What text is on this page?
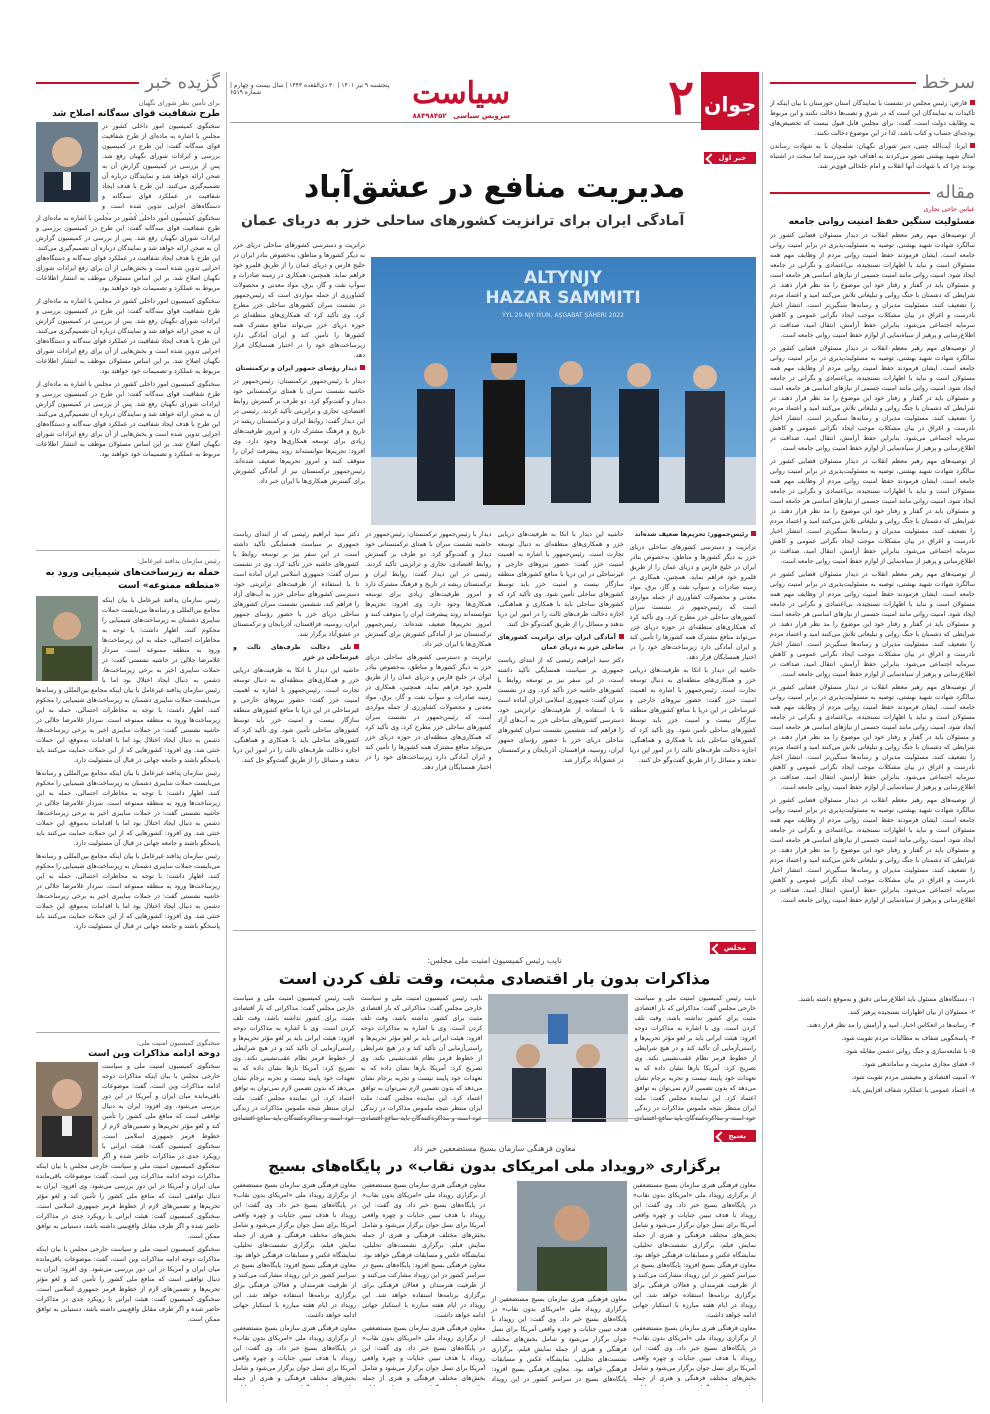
جوان
۲
سیاست
پنجشنبه ۹ تیر ۱۴۰۱ | ۳۰ ذی‌القعده ۱۴۴۳ | سال بیست و چهارم | شماره ۶۵۱۹
سرویس سیاسی ۸۸۴۹۸۴۵۲
سرخط

قارص: رئیس مجلس در نشست با نمایندگان استان خوزستان با بیان اینکه از تأکیدات به نمایندگان این است که در شرق و نصب‌ها دخالت نکنند و این مربوط به وظایف دولت است، گفت: برای مجلس قابل قبول نیست که تخصیص‌های بودجه‌ای حساب و کتاب باشد، لذا در این موضوع دخالت نکنند.

ایرنا: آیت‌الله جنتی، دبیر شورای نگهبان: شلمچان با به شهادت رساندن امثال شهید بهشتی تصور می‌کردند به اهداف خود می‌رسند اما سخت در اشتباه بودند چرا که با شهادت آنها انقلاب و امام خلخالی قوی‌تر شد.

مقاله
عباس حاجی نجاری
مسئولیت سنگین حفظ امنیت روانی جامعه

از توصیه‌های مهم رهبر معظم انقلاب در دیدار مسئولان قضایی کشور در سالگرد شهادت شهید بهشتی، توصیه به مسئولیت‌پذیری در برابر امنیت روانی جامعه است. ایشان فرمودند حفظ امنیت روانی مردم از وظایف مهم همه مسئولان است و نباید با اظهارات نسنجیده، بی‌اعتمادی و نگرانی در جامعه ایجاد شود. امنیت روانی مانند امنیت جسمی از نیازهای اساسی هر جامعه است و مسئولان باید در گفتار و رفتار خود این موضوع را مد نظر قرار دهند. در شرایطی که دشمنان با جنگ روانی و تبلیغاتی تلاش می‌کنند امید و اعتماد مردم را تضعیف کنند، مسئولیت مدیران و رسانه‌ها سنگین‌تر است. انتشار اخبار نادرست و اغراق در بیان مشکلات موجب ایجاد نگرانی عمومی و کاهش سرمایه اجتماعی می‌شود. بنابراین حفظ آرامش، انتقال امید، صداقت در اطلاع‌رسانی و پرهیز از سیاه‌نمایی از لوازم حفظ امنیت روانی جامعه است.

از توصیه‌های مهم رهبر معظم انقلاب در دیدار مسئولان قضایی کشور در سالگرد شهادت شهید بهشتی، توصیه به مسئولیت‌پذیری در برابر امنیت روانی جامعه است. ایشان فرمودند حفظ امنیت روانی مردم از وظایف مهم همه مسئولان است و نباید با اظهارات نسنجیده، بی‌اعتمادی و نگرانی در جامعه ایجاد شود. امنیت روانی مانند امنیت جسمی از نیازهای اساسی هر جامعه است و مسئولان باید در گفتار و رفتار خود این موضوع را مد نظر قرار دهند. در شرایطی که دشمنان با جنگ روانی و تبلیغاتی تلاش می‌کنند امید و اعتماد مردم را تضعیف کنند، مسئولیت مدیران و رسانه‌ها سنگین‌تر است. انتشار اخبار نادرست و اغراق در بیان مشکلات موجب ایجاد نگرانی عمومی و کاهش سرمایه اجتماعی می‌شود. بنابراین حفظ آرامش، انتقال امید، صداقت در اطلاع‌رسانی و پرهیز از سیاه‌نمایی از لوازم حفظ امنیت روانی جامعه است.

از توصیه‌های مهم رهبر معظم انقلاب در دیدار مسئولان قضایی کشور در سالگرد شهادت شهید بهشتی، توصیه به مسئولیت‌پذیری در برابر امنیت روانی جامعه است. ایشان فرمودند حفظ امنیت روانی مردم از وظایف مهم همه مسئولان است و نباید با اظهارات نسنجیده، بی‌اعتمادی و نگرانی در جامعه ایجاد شود. امنیت روانی مانند امنیت جسمی از نیازهای اساسی هر جامعه است و مسئولان باید در گفتار و رفتار خود این موضوع را مد نظر قرار دهند. در شرایطی که دشمنان با جنگ روانی و تبلیغاتی تلاش می‌کنند امید و اعتماد مردم را تضعیف کنند، مسئولیت مدیران و رسانه‌ها سنگین‌تر است. انتشار اخبار نادرست و اغراق در بیان مشکلات موجب ایجاد نگرانی عمومی و کاهش سرمایه اجتماعی می‌شود. بنابراین حفظ آرامش، انتقال امید، صداقت در اطلاع‌رسانی و پرهیز از سیاه‌نمایی از لوازم حفظ امنیت روانی جامعه است.

از توصیه‌های مهم رهبر معظم انقلاب در دیدار مسئولان قضایی کشور در سالگرد شهادت شهید بهشتی، توصیه به مسئولیت‌پذیری در برابر امنیت روانی جامعه است. ایشان فرمودند حفظ امنیت روانی مردم از وظایف مهم همه مسئولان است و نباید با اظهارات نسنجیده، بی‌اعتمادی و نگرانی در جامعه ایجاد شود. امنیت روانی مانند امنیت جسمی از نیازهای اساسی هر جامعه است و مسئولان باید در گفتار و رفتار خود این موضوع را مد نظر قرار دهند. در شرایطی که دشمنان با جنگ روانی و تبلیغاتی تلاش می‌کنند امید و اعتماد مردم را تضعیف کنند، مسئولیت مدیران و رسانه‌ها سنگین‌تر است. انتشار اخبار نادرست و اغراق در بیان مشکلات موجب ایجاد نگرانی عمومی و کاهش سرمایه اجتماعی می‌شود. بنابراین حفظ آرامش، انتقال امید، صداقت در اطلاع‌رسانی و پرهیز از سیاه‌نمایی از لوازم حفظ امنیت روانی جامعه است.

از توصیه‌های مهم رهبر معظم انقلاب در دیدار مسئولان قضایی کشور در سالگرد شهادت شهید بهشتی، توصیه به مسئولیت‌پذیری در برابر امنیت روانی جامعه است. ایشان فرمودند حفظ امنیت روانی مردم از وظایف مهم همه مسئولان است و نباید با اظهارات نسنجیده، بی‌اعتمادی و نگرانی در جامعه ایجاد شود. امنیت روانی مانند امنیت جسمی از نیازهای اساسی هر جامعه است و مسئولان باید در گفتار و رفتار خود این موضوع را مد نظر قرار دهند. در شرایطی که دشمنان با جنگ روانی و تبلیغاتی تلاش می‌کنند امید و اعتماد مردم را تضعیف کنند، مسئولیت مدیران و رسانه‌ها سنگین‌تر است. انتشار اخبار نادرست و اغراق در بیان مشکلات موجب ایجاد نگرانی عمومی و کاهش سرمایه اجتماعی می‌شود. بنابراین حفظ آرامش، انتقال امید، صداقت در اطلاع‌رسانی و پرهیز از سیاه‌نمایی از لوازم حفظ امنیت روانی جامعه است.

از توصیه‌های مهم رهبر معظم انقلاب در دیدار مسئولان قضایی کشور در سالگرد شهادت شهید بهشتی، توصیه به مسئولیت‌پذیری در برابر امنیت روانی جامعه است. ایشان فرمودند حفظ امنیت روانی مردم از وظایف مهم همه مسئولان است و نباید با اظهارات نسنجیده، بی‌اعتمادی و نگرانی در جامعه ایجاد شود. امنیت روانی مانند امنیت جسمی از نیازهای اساسی هر جامعه است و مسئولان باید در گفتار و رفتار خود این موضوع را مد نظر قرار دهند. در شرایطی که دشمنان با جنگ روانی و تبلیغاتی تلاش می‌کنند امید و اعتماد مردم را تضعیف کنند، مسئولیت مدیران و رسانه‌ها سنگین‌تر است. انتشار اخبار نادرست و اغراق در بیان مشکلات موجب ایجاد نگرانی عمومی و کاهش سرمایه اجتماعی می‌شود. بنابراین حفظ آرامش، انتقال امید، صداقت در اطلاع‌رسانی و پرهیز از سیاه‌نمایی از لوازم حفظ امنیت روانی جامعه است.

۱- دستگاه‌های مسئول باید اطلاع‌رسانی دقیق و به‌موقع داشته باشند.

۲- مسئولان از بیان اظهارات نسنجیده پرهیز کنند.

۳- رسانه‌ها در انعکاس اخبار، امید و آرامش را مد نظر قرار دهند.

۴- پاسخگویی شفاف به مطالبات مردم تقویت شود.

۵- با شایعه‌سازی و جنگ روانی دشمن مقابله شود.

۶- فضای مجازی مدیریت و ساماندهی شود.

۷- امنیت اقتصادی و معیشتی مردم تقویت شود.

۸- اعتماد عمومی با عملکرد شفاف افزایش یابد.

گزیده خبر
برای تأمین نظر شورای نگهبان
طرح شفافیت قوای سه‌گانه اصلاح شد

سخنگوی کمیسیون امور داخلی کشور در مجلس با اشاره به ماده‌ای از طرح شفافیت قوای سه‌گانه گفت: این طرح در کمیسیون بررسی و ایرادات شورای نگهبان رفع شد. پس از بررسی در کمیسیون گزارش آن به صحن ارائه خواهد شد و نمایندگان درباره آن تصمیم‌گیری می‌کنند. این طرح با هدف ایجاد شفافیت در عملکرد قوای سه‌گانه و دستگاه‌های اجرایی تدوین شده است و

سخنگوی کمیسیون امور داخلی کشور در مجلس با اشاره به ماده‌ای از طرح شفافیت قوای سه‌گانه گفت: این طرح در کمیسیون بررسی و ایرادات شورای نگهبان رفع شد. پس از بررسی در کمیسیون گزارش آن به صحن ارائه خواهد شد و نمایندگان درباره آن تصمیم‌گیری می‌کنند. این طرح با هدف ایجاد شفافیت در عملکرد قوای سه‌گانه و دستگاه‌های اجرایی تدوین شده است و بخش‌هایی از آن برای رفع ایرادات شورای نگهبان اصلاح شد. بر این اساس مسئولان موظف به انتشار اطلاعات مربوط به عملکرد و تصمیمات خود خواهند بود.

سخنگوی کمیسیون امور داخلی کشور در مجلس با اشاره به ماده‌ای از طرح شفافیت قوای سه‌گانه گفت: این طرح در کمیسیون بررسی و ایرادات شورای نگهبان رفع شد. پس از بررسی در کمیسیون گزارش آن به صحن ارائه خواهد شد و نمایندگان درباره آن تصمیم‌گیری می‌کنند. این طرح با هدف ایجاد شفافیت در عملکرد قوای سه‌گانه و دستگاه‌های اجرایی تدوین شده است و بخش‌هایی از آن برای رفع ایرادات شورای نگهبان اصلاح شد. بر این اساس مسئولان موظف به انتشار اطلاعات مربوط به عملکرد و تصمیمات خود خواهند بود.

سخنگوی کمیسیون امور داخلی کشور در مجلس با اشاره به ماده‌ای از طرح شفافیت قوای سه‌گانه گفت: این طرح در کمیسیون بررسی و ایرادات شورای نگهبان رفع شد. پس از بررسی در کمیسیون گزارش آن به صحن ارائه خواهد شد و نمایندگان درباره آن تصمیم‌گیری می‌کنند. این طرح با هدف ایجاد شفافیت در عملکرد قوای سه‌گانه و دستگاه‌های اجرایی تدوین شده است و بخش‌هایی از آن برای رفع ایرادات شورای نگهبان اصلاح شد. بر این اساس مسئولان موظف به انتشار اطلاعات مربوط به عملکرد و تصمیمات خود خواهند بود.

رئیس سازمان پدافند غیرعامل:
حمله به زیرساخت‌های شیمیایی ورود به «منطقه ممنوعه» است

رئیس سازمان پدافند غیرعامل با بیان اینکه مجامع بین‌المللی و رسانه‌ها می‌بایست حملات سایبری دشمنان به زیرساخت‌های شیمیایی را محکوم کنند، اظهار داشت: با توجه به مخاطرات احتمالی، حمله به این زیرساخت‌ها ورود به منطقه ممنوعه است. سردار غلامرضا جلالی در حاشیه نشستی گفت: در حملات سایبری اخیر به برخی زیرساخت‌ها، دشمن به دنبال ایجاد اختلال بود اما با

رئیس سازمان پدافند غیرعامل با بیان اینکه مجامع بین‌المللی و رسانه‌ها می‌بایست حملات سایبری دشمنان به زیرساخت‌های شیمیایی را محکوم کنند، اظهار داشت: با توجه به مخاطرات احتمالی، حمله به این زیرساخت‌ها ورود به منطقه ممنوعه است. سردار غلامرضا جلالی در حاشیه نشستی گفت: در حملات سایبری اخیر به برخی زیرساخت‌ها، دشمن به دنبال ایجاد اختلال بود اما با اقدامات به‌موقع، این حملات خنثی شد. وی افزود: کشورهایی که از این حملات حمایت می‌کنند باید پاسخگو باشند و جامعه جهانی در قبال آن مسئولیت دارد.

رئیس سازمان پدافند غیرعامل با بیان اینکه مجامع بین‌المللی و رسانه‌ها می‌بایست حملات سایبری دشمنان به زیرساخت‌های شیمیایی را محکوم کنند، اظهار داشت: با توجه به مخاطرات احتمالی، حمله به این زیرساخت‌ها ورود به منطقه ممنوعه است. سردار غلامرضا جلالی در حاشیه نشستی گفت: در حملات سایبری اخیر به برخی زیرساخت‌ها، دشمن به دنبال ایجاد اختلال بود اما با اقدامات به‌موقع، این حملات خنثی شد. وی افزود: کشورهایی که از این حملات حمایت می‌کنند باید پاسخگو باشند و جامعه جهانی در قبال آن مسئولیت دارد.

رئیس سازمان پدافند غیرعامل با بیان اینکه مجامع بین‌المللی و رسانه‌ها می‌بایست حملات سایبری دشمنان به زیرساخت‌های شیمیایی را محکوم کنند، اظهار داشت: با توجه به مخاطرات احتمالی، حمله به این زیرساخت‌ها ورود به منطقه ممنوعه است. سردار غلامرضا جلالی در حاشیه نشستی گفت: در حملات سایبری اخیر به برخی زیرساخت‌ها، دشمن به دنبال ایجاد اختلال بود اما با اقدامات به‌موقع، این حملات خنثی شد. وی افزود: کشورهایی که از این حملات حمایت می‌کنند باید پاسخگو باشند و جامعه جهانی در قبال آن مسئولیت دارد.

سخنگوی کمیسیون امنیت ملی:
دوحه ادامه مذاکرات وین است

سخنگوی کمیسیون امنیت ملی و سیاست خارجی مجلس با بیان اینکه مذاکرات دوحه ادامه مذاکرات وین است، گفت: موضوعات باقی‌مانده میان ایران و آمریکا در این دور بررسی می‌شود. وی افزود: ایران به دنبال توافقی است که منافع ملی کشور را تأمین کند و لغو مؤثر تحریم‌ها و تضمین‌های لازم از خطوط قرمز جمهوری اسلامی است. سخنگوی کمیسیون گفت: هیئت ایرانی با رویکرد جدی در مذاکرات حاضر شده و اگر

سخنگوی کمیسیون امنیت ملی و سیاست خارجی مجلس با بیان اینکه مذاکرات دوحه ادامه مذاکرات وین است، گفت: موضوعات باقی‌مانده میان ایران و آمریکا در این دور بررسی می‌شود. وی افزود: ایران به دنبال توافقی است که منافع ملی کشور را تأمین کند و لغو مؤثر تحریم‌ها و تضمین‌های لازم از خطوط قرمز جمهوری اسلامی است. سخنگوی کمیسیون گفت: هیئت ایرانی با رویکرد جدی در مذاکرات حاضر شده و اگر طرف مقابل واقع‌بینی داشته باشد، دستیابی به توافق ممکن است.

سخنگوی کمیسیون امنیت ملی و سیاست خارجی مجلس با بیان اینکه مذاکرات دوحه ادامه مذاکرات وین است، گفت: موضوعات باقی‌مانده میان ایران و آمریکا در این دور بررسی می‌شود. وی افزود: ایران به دنبال توافقی است که منافع ملی کشور را تأمین کند و لغو مؤثر تحریم‌ها و تضمین‌های لازم از خطوط قرمز جمهوری اسلامی است. سخنگوی کمیسیون گفت: هیئت ایرانی با رویکرد جدی در مذاکرات حاضر شده و اگر طرف مقابل واقع‌بینی داشته باشد، دستیابی به توافق ممکن است.

خبر اول
مدیریت منافع در عشق‌آباد
آمادگی ایران برای ترانزیت کشورهای ساحلی خزر به دریای عمان

ترانزیت و دسترسی کشورهای ساحلی دریای خزر به دیگر کشورها و مناطق، به‌خصوص بنادر ایران در خلیج فارس و دریای عمان را از طریق قلمرو خود فراهم نماید. همچنین، همکاری در زمینه صادرات و سوآپ نفت و گاز، برق، مواد معدنی و محصولات کشاورزی از جمله مواردی است که رئیس‌جمهور در نشست سران کشورهای ساحلی خزر مطرح کرد. وی تأکید کرد که همکاری‌های منطقه‌ای در حوزه دریای خزر می‌تواند منافع مشترک همه کشورها را تأمین کند و ایران آمادگی دارد زیرساخت‌های خود را در اختیار همسایگان قرار دهد.

دیدار رؤسای جمهور ایران و ترکمنستان

دیدار با رئیس‌جمهور ترکمنستان: رئیس‌جمهور در حاشیه نشست سران با همتای ترکمنستانی خود دیدار و گفت‌وگو کرد. دو طرف بر گسترش روابط اقتصادی، تجاری و ترانزیتی تأکید کردند. رئیسی در این دیدار گفت: روابط ایران و ترکمنستان ریشه در تاریخ و فرهنگ مشترک دارد و امروز ظرفیت‌های زیادی برای توسعه همکاری‌ها وجود دارد. وی افزود: تحریم‌ها نتوانسته‌اند روند پیشرفت ایران را متوقف کنند و امروز تحریم‌ها ضعیف شده‌اند. رئیس‌جمهور ترکمنستان نیز از آمادگی کشورش برای گسترش همکاری‌ها با ایران خبر داد.

ALTYNJY
HAZAR SAMMITI
2022 ÝYL 29-NJY IÝUN, AŞGABAT ŞÄHERI

دکتر سید ابراهیم رئیسی که از ابتدای ریاست جمهوری بر سیاست همسایگی تأکید داشته است، در این سفر نیز بر توسعه روابط با کشورهای حاشیه خزر تأکید کرد. وی در نشست سران گفت: جمهوری اسلامی ایران آماده است تا با استفاده از ظرفیت‌های ترانزیتی خود، دسترسی کشورهای ساحلی خزر به آب‌های آزاد را فراهم کند. ششمین نشست سران کشورهای ساحلی دریای خزر با حضور رؤسای جمهور ایران، روسیه، قزاقستان، آذربایجان و ترکمنستان در عشق‌آباد برگزار شد.

تلی دخالت طرف‌های ثالث و غیرساحلی در خزر

حاشیه این دیدار با اتکا به ظرفیت‌های دریایی خزر و همکاری‌های منطقه‌ای به دنبال توسعه تجارت است. رئیس‌جمهور با اشاره به اهمیت امنیت خزر گفت: حضور نیروهای خارجی و غیرساحلی در این دریا با منافع کشورهای منطقه سازگار نیست و امنیت خزر باید توسط کشورهای ساحلی تأمین شود. وی تأکید کرد که کشورهای ساحلی باید با همکاری و هماهنگی، اجازه دخالت طرف‌های ثالث را در امور این دریا ندهند و مسائل را از طریق گفت‌وگو حل کنند.

دیدار با رئیس‌جمهور ترکمنستان: رئیس‌جمهور در حاشیه نشست سران با همتای ترکمنستانی خود دیدار و گفت‌وگو کرد. دو طرف بر گسترش روابط اقتصادی، تجاری و ترانزیتی تأکید کردند. رئیسی در این دیدار گفت: روابط ایران و ترکمنستان ریشه در تاریخ و فرهنگ مشترک دارد و امروز ظرفیت‌های زیادی برای توسعه همکاری‌ها وجود دارد. وی افزود: تحریم‌ها نتوانسته‌اند روند پیشرفت ایران را متوقف کنند و امروز تحریم‌ها ضعیف شده‌اند. رئیس‌جمهور ترکمنستان نیز از آمادگی کشورش برای گسترش همکاری‌ها با ایران خبر داد.

ترانزیت و دسترسی کشورهای ساحلی دریای خزر به دیگر کشورها و مناطق، به‌خصوص بنادر ایران در خلیج فارس و دریای عمان را از طریق قلمرو خود فراهم نماید. همچنین، همکاری در زمینه صادرات و سوآپ نفت و گاز، برق، مواد معدنی و محصولات کشاورزی از جمله مواردی است که رئیس‌جمهور در نشست سران کشورهای ساحلی خزر مطرح کرد. وی تأکید کرد که همکاری‌های منطقه‌ای در حوزه دریای خزر می‌تواند منافع مشترک همه کشورها را تأمین کند و ایران آمادگی دارد زیرساخت‌های خود را در اختیار همسایگان قرار دهد.

حاشیه این دیدار با اتکا به ظرفیت‌های دریایی خزر و همکاری‌های منطقه‌ای به دنبال توسعه تجارت است. رئیس‌جمهور با اشاره به اهمیت امنیت خزر گفت: حضور نیروهای خارجی و غیرساحلی در این دریا با منافع کشورهای منطقه سازگار نیست و امنیت خزر باید توسط کشورهای ساحلی تأمین شود. وی تأکید کرد که کشورهای ساحلی باید با همکاری و هماهنگی، اجازه دخالت طرف‌های ثالث را در امور این دریا ندهند و مسائل را از طریق گفت‌وگو حل کنند.

آمادگی ایران برای ترانزیت کشورهای ساحلی خزر به دریای عمان

دکتر سید ابراهیم رئیسی که از ابتدای ریاست جمهوری بر سیاست همسایگی تأکید داشته است، در این سفر نیز بر توسعه روابط با کشورهای حاشیه خزر تأکید کرد. وی در نشست سران گفت: جمهوری اسلامی ایران آماده است تا با استفاده از ظرفیت‌های ترانزیتی خود، دسترسی کشورهای ساحلی خزر به آب‌های آزاد را فراهم کند. ششمین نشست سران کشورهای ساحلی دریای خزر با حضور رؤسای جمهور ایران، روسیه، قزاقستان، آذربایجان و ترکمنستان در عشق‌آباد برگزار شد.

رئیس‌جمهور: تحریم‌ها ضعیف شده‌اند

ترانزیت و دسترسی کشورهای ساحلی دریای خزر به دیگر کشورها و مناطق، به‌خصوص بنادر ایران در خلیج فارس و دریای عمان را از طریق قلمرو خود فراهم نماید. همچنین، همکاری در زمینه صادرات و سوآپ نفت و گاز، برق، مواد معدنی و محصولات کشاورزی از جمله مواردی است که رئیس‌جمهور در نشست سران کشورهای ساحلی خزر مطرح کرد. وی تأکید کرد که همکاری‌های منطقه‌ای در حوزه دریای خزر می‌تواند منافع مشترک همه کشورها را تأمین کند و ایران آمادگی دارد زیرساخت‌های خود را در اختیار همسایگان قرار دهد.

حاشیه این دیدار با اتکا به ظرفیت‌های دریایی خزر و همکاری‌های منطقه‌ای به دنبال توسعه تجارت است. رئیس‌جمهور با اشاره به اهمیت امنیت خزر گفت: حضور نیروهای خارجی و غیرساحلی در این دریا با منافع کشورهای منطقه سازگار نیست و امنیت خزر باید توسط کشورهای ساحلی تأمین شود. وی تأکید کرد که کشورهای ساحلی باید با همکاری و هماهنگی، اجازه دخالت طرف‌های ثالث را در امور این دریا ندهند و مسائل را از طریق گفت‌وگو حل کنند.

مجلس
نایب رئیس کمیسیون امنیت ملی مجلس:
مذاکرات بدون بار اقتصادی مثبت، وقت تلف کردن است

نایب رئیس کمیسیون امنیت ملی و سیاست خارجی مجلس گفت: مذاکراتی که بار اقتصادی مثبت برای کشور نداشته باشد، وقت تلف کردن است. وی با اشاره به مذاکرات دوحه افزود: هیئت ایرانی باید بر لغو مؤثر تحریم‌ها و راستی‌آزمایی آن تأکید کند و در هیچ شرایطی از خطوط قرمز نظام عقب‌نشینی نکند. وی تصریح کرد: آمریکا بارها نشان داده که به تعهدات خود پایبند نیست و تجربه برجام نشان می‌دهد که بدون تضمین لازم نمی‌توان به توافق اعتماد کرد. این نماینده مجلس گفت: ملت ایران منتظر نتیجه ملموس مذاکرات در زندگی

نایب رئیس کمیسیون امنیت ملی و سیاست خارجی مجلس گفت: مذاکراتی که بار اقتصادی مثبت برای کشور نداشته باشد، وقت تلف کردن است. وی با اشاره به مذاکرات دوحه افزود: هیئت ایرانی باید بر لغو مؤثر تحریم‌ها و راستی‌آزمایی آن تأکید کند و در هیچ شرایطی از خطوط قرمز نظام عقب‌نشینی نکند. وی تصریح کرد: آمریکا بارها نشان داده که به تعهدات خود پایبند نیست و تجربه برجام نشان می‌دهد که بدون تضمین لازم نمی‌توان به توافق اعتماد کرد. این نماینده مجلس گفت: ملت ایران منتظر نتیجه ملموس مذاکرات در زندگی

نایب رئیس کمیسیون امنیت ملی و سیاست خارجی مجلس گفت: مذاکراتی که بار اقتصادی مثبت برای کشور نداشته باشد، وقت تلف کردن است. وی با اشاره به مذاکرات دوحه افزود: هیئت ایرانی باید بر لغو مؤثر تحریم‌ها و راستی‌آزمایی آن تأکید کند و در هیچ شرایطی از خطوط قرمز نظام عقب‌نشینی نکند. وی تصریح کرد: آمریکا بارها نشان داده که به تعهدات خود پایبند نیست و تجربه برجام نشان می‌دهد که بدون تضمین لازم نمی‌توان به توافق اعتماد کرد. این نماینده مجلس گفت: ملت ایران منتظر نتیجه ملموس مذاکرات در زندگی

بسیج
معاون فرهنگی سازمان بسیج مستضعفین خبر داد
برگزاری «رویداد ملی امریکای بدون نقاب» در پایگاه‌های بسیج

معاون فرهنگی هنری سازمان بسیج مستضعفین از برگزاری رویداد ملی «امریکای بدون نقاب» در پایگاه‌های بسیج خبر داد. وی گفت: این رویداد با هدف تبیین جنایات و چهره واقعی آمریکا برای نسل جوان برگزار می‌شود و شامل بخش‌های مختلف فرهنگی و هنری از جمله نمایش فیلم، برگزاری نشست‌های تحلیلی، نمایشگاه عکس و مسابقات فرهنگی خواهد بود. معاون فرهنگی بسیج افزود: پایگاه‌های بسیج در سراسر کشور در این رویداد مشارکت می‌کنند و از ظرفیت هنرمندان و فعالان فرهنگی برای برگزاری برنامه‌ها استفاده خواهد شد. این رویداد در ایام هفته مبارزه با استکبار جهانی ادامه خواهد داشت.

معاون فرهنگی هنری سازمان بسیج مستضعفین از برگزاری رویداد ملی «امریکای بدون نقاب» در پایگاه‌های بسیج خبر داد. وی گفت: این رویداد با هدف تبیین جنایات و چهره واقعی آمریکا برای نسل جوان برگزار می‌شود و شامل بخش‌های مختلف فرهنگی و هنری از جمله

معاون فرهنگی هنری سازمان بسیج مستضعفین از برگزاری رویداد ملی «امریکای بدون نقاب» در پایگاه‌های بسیج خبر داد. وی گفت: این رویداد با هدف تبیین جنایات و چهره واقعی آمریکا برای نسل جوان برگزار می‌شود و شامل بخش‌های مختلف فرهنگی و هنری از جمله نمایش فیلم، برگزاری نشست‌های تحلیلی، نمایشگاه عکس و مسابقات فرهنگی خواهد بود. معاون فرهنگی بسیج افزود: پایگاه‌های بسیج در سراسر کشور در این رویداد مشارکت می‌کنند و از ظرفیت هنرمندان و فعالان فرهنگی برای برگزاری برنامه‌ها استفاده خواهد شد. این رویداد در ایام هفته مبارزه با استکبار جهانی ادامه خواهد داشت.

معاون فرهنگی هنری سازمان بسیج مستضعفین از برگزاری رویداد ملی «امریکای بدون نقاب» در پایگاه‌های بسیج خبر داد. وی گفت: این رویداد با هدف تبیین جنایات و چهره واقعی آمریکا برای نسل جوان برگزار می‌شود و شامل بخش‌های مختلف فرهنگی و هنری از جمله

معاون فرهنگی هنری سازمان بسیج مستضعفین از برگزاری رویداد ملی «امریکای بدون نقاب» در پایگاه‌های بسیج خبر داد. وی گفت: این رویداد با هدف تبیین جنایات و چهره واقعی آمریکا برای نسل جوان برگزار می‌شود و شامل بخش‌های مختلف فرهنگی و هنری از جمله نمایش فیلم، برگزاری نشست‌های تحلیلی، نمایشگاه عکس و مسابقات فرهنگی خواهد بود. معاون فرهنگی بسیج افزود: پایگاه‌های بسیج در سراسر کشور در این رویداد

معاون فرهنگی هنری سازمان بسیج مستضعفین از برگزاری رویداد ملی «امریکای بدون نقاب» در پایگاه‌های بسیج خبر داد. وی گفت: این رویداد با هدف تبیین جنایات و چهره واقعی آمریکا برای نسل جوان برگزار می‌شود و شامل بخش‌های مختلف فرهنگی و هنری از جمله نمایش فیلم، برگزاری نشست‌های تحلیلی، نمایشگاه عکس و مسابقات فرهنگی خواهد بود. معاون فرهنگی بسیج افزود: پایگاه‌های بسیج در سراسر کشور در این رویداد مشارکت می‌کنند و از ظرفیت هنرمندان و فعالان فرهنگی برای برگزاری برنامه‌ها استفاده خواهد شد. این رویداد در ایام هفته مبارزه با استکبار جهانی ادامه خواهد داشت.

معاون فرهنگی هنری سازمان بسیج مستضعفین از برگزاری رویداد ملی «امریکای بدون نقاب» در پایگاه‌های بسیج خبر داد. وی گفت: این رویداد با هدف تبیین جنایات و چهره واقعی آمریکا برای نسل جوان برگزار می‌شود و شامل بخش‌های مختلف فرهنگی و هنری از جمله
